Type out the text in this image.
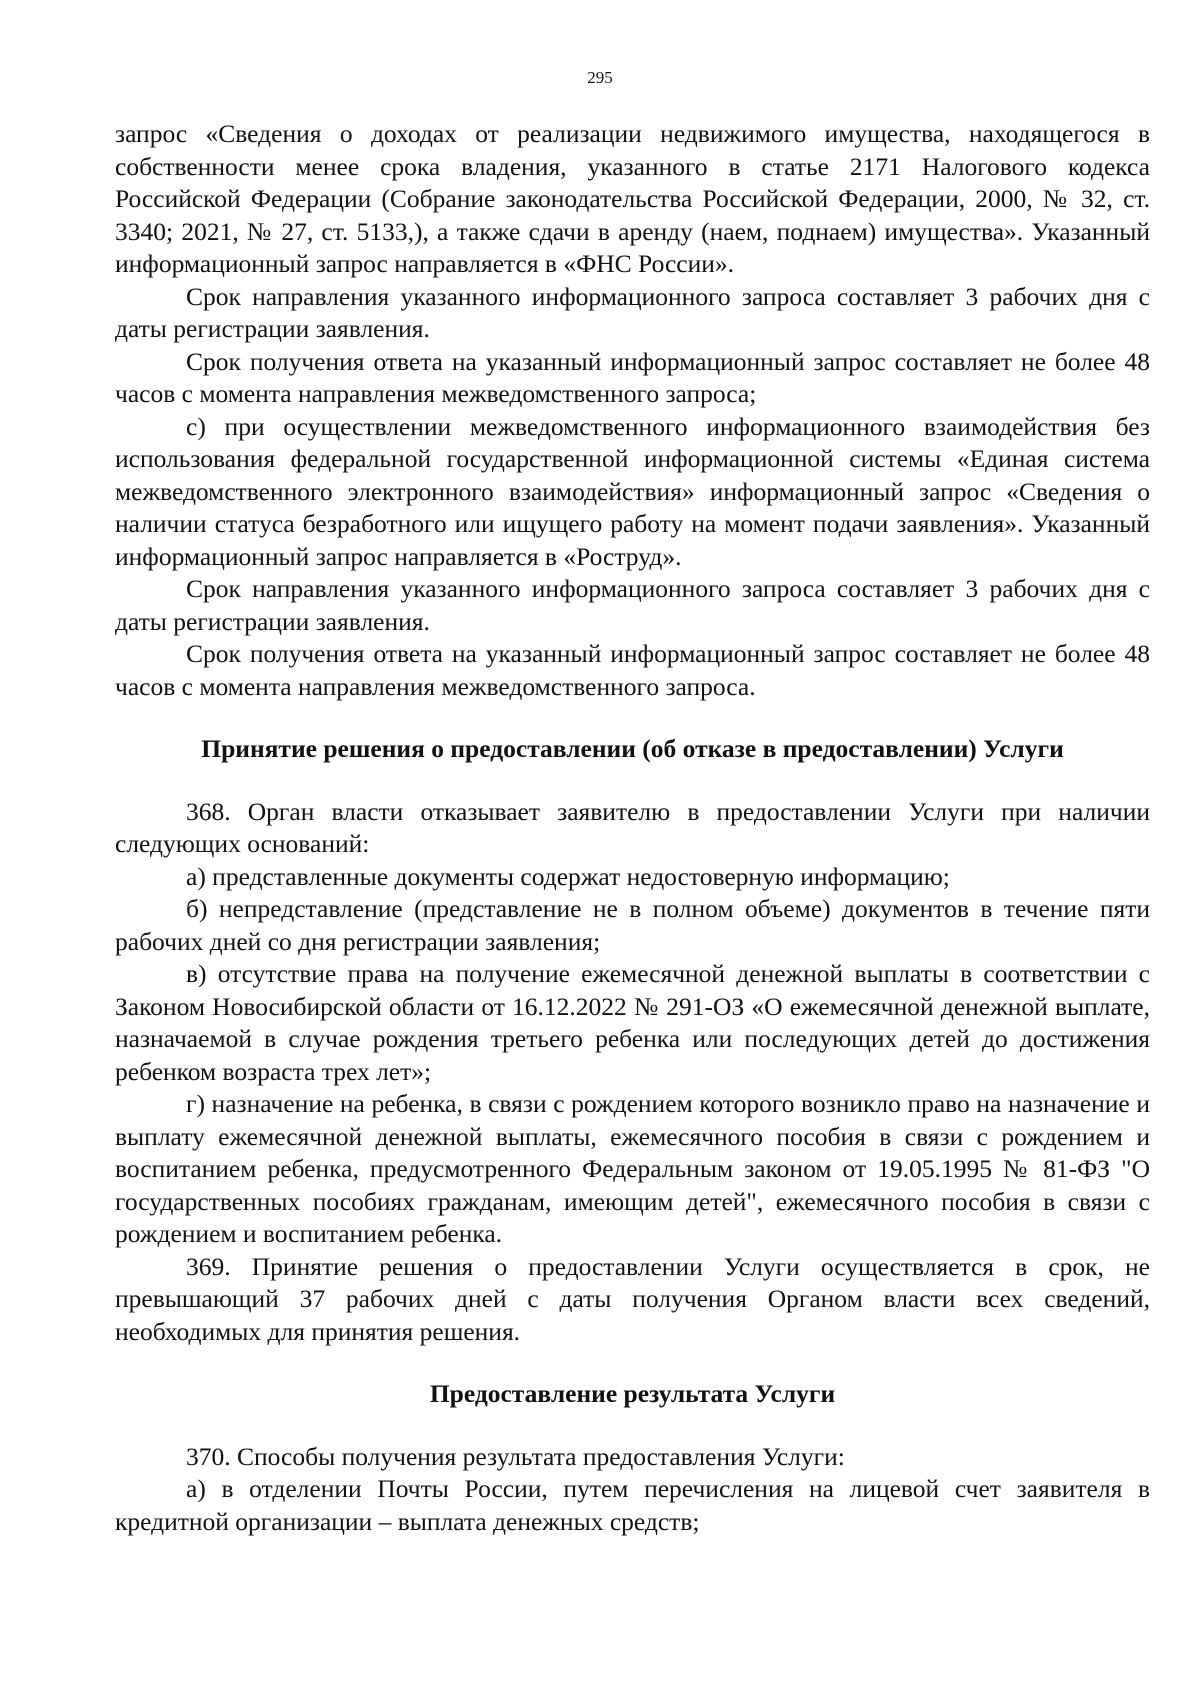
295

запрос «Сведения о доходах от реализации недвижимого имущества, находящегося в собственности менее срока владения, указанного в статье 2171 Налогового кодекса Российской Федерации (Собрание законодательства Российской Федерации, 2000, № 32, ст. 3340; 2021, № 27, ст. 5133,), а также сдачи в аренду (наем, поднаем) имущества». Указанный информационный запрос направляется в «ФНС России».

Срок направления указанного информационного запроса составляет 3 рабочих дня с даты регистрации заявления.

Срок получения ответа на указанный информационный запрос составляет не более 48 часов с момента направления межведомственного запроса;

с) при осуществлении межведомственного информационного взаимодействия без использования федеральной государственной информационной системы «Единая система межведомственного электронного взаимодействия» информационный запрос «Сведения о наличии статуса безработного или ищущего работу на момент подачи заявления». Указанный информационный запрос направляется в «Роструд».

Срок направления указанного информационного запроса составляет 3 рабочих дня с даты регистрации заявления.

Срок получения ответа на указанный информационный запрос составляет не более 48 часов с момента направления межведомственного запроса.

Принятие решения о предоставлении (об отказе в предоставлении) Услуги

368. Орган власти отказывает заявителю в предоставлении Услуги при наличии следующих оснований:

а) представленные документы содержат недостоверную информацию;

б) непредставление (представление не в полном объеме) документов в течение пяти рабочих дней со дня регистрации заявления;

в) отсутствие права на получение ежемесячной денежной выплаты в соответствии с Законом Новосибирской области от 16.12.2022 № 291-ОЗ «О ежемесячной денежной выплате, назначаемой в случае рождения третьего ребенка или последующих детей до достижения ребенком возраста трех лет»;

г) назначение на ребенка, в связи с рождением которого возникло право на назначение и выплату ежемесячной денежной выплаты, ежемесячного пособия в связи с рождением и воспитанием ребенка, предусмотренного Федеральным законом от 19.05.1995 № 81-ФЗ "О государственных пособиях гражданам, имеющим детей", ежемесячного пособия в связи с рождением и воспитанием ребенка.

369. Принятие решения о предоставлении Услуги осуществляется в срок, не превышающий 37 рабочих дней с даты получения Органом власти всех сведений, необходимых для принятия решения.

Предоставление результата Услуги

370. Способы получения результата предоставления Услуги:

а) в отделении Почты России, путем перечисления на лицевой счет заявителя в кредитной организации – выплата денежных средств;
